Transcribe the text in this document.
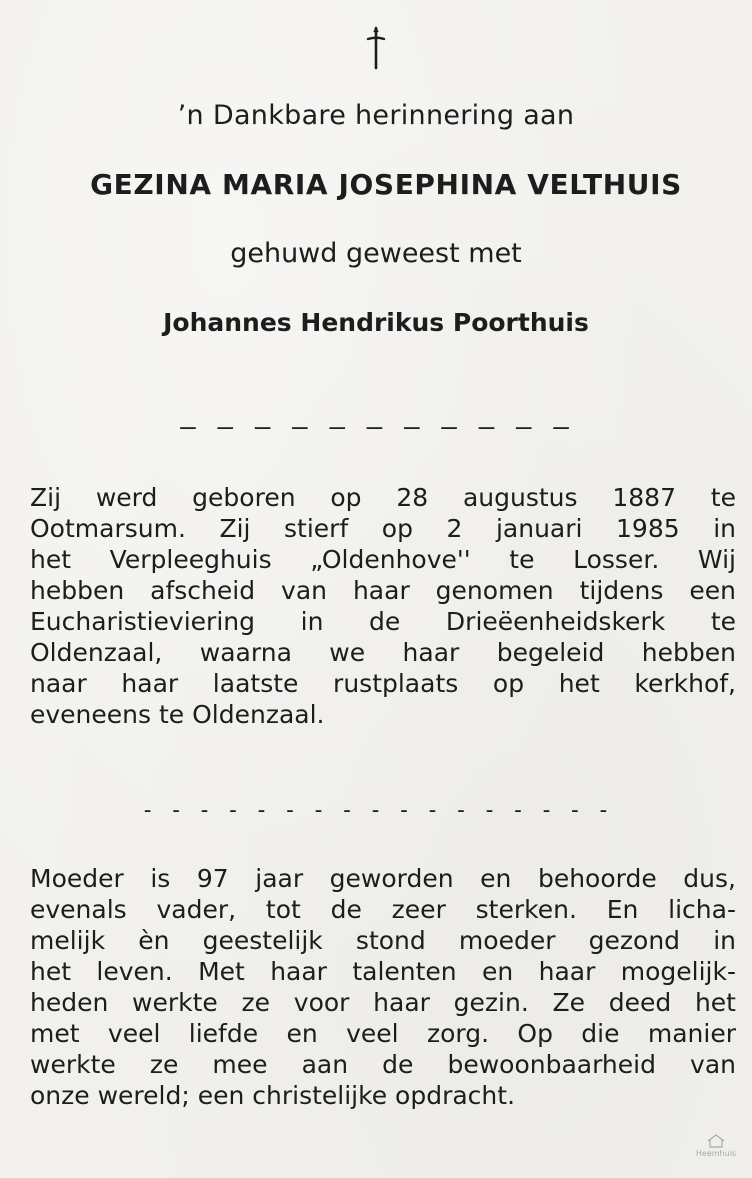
’n Dankbare herinnering aan
GEZINA MARIA JOSEPHINA VELTHUIS
gehuwd geweest met
Johannes Hendrikus Poorthuis
— — — — — — — — — — —
Zij werd geboren op 28 augustus 1887 te
Ootmarsum. Zij stierf op 2 januari 1985 in
het Verpleeghuis „Oldenhove'' te Losser. Wij
hebben afscheid van haar genomen tijdens een
Eucharistieviering in de Drieëenheidskerk te
Oldenzaal, waarna we haar begeleid hebben
naar haar laatste rustplaats op het kerkhof,
eveneens te Oldenzaal.
- - - - - - - - - - - - - - - - -
Moeder is 97 jaar geworden en behoorde dus,
evenals vader, tot de zeer sterken. En licha-
melijk èn geestelijk stond moeder gezond in
het leven. Met haar talenten en haar mogelijk-
heden werkte ze voor haar gezin. Ze deed het
met veel liefde en veel zorg. Op die manier
werkte ze mee aan de bewoonbaarheid van
onze wereld; een christelijke opdracht.
Heemhuis
